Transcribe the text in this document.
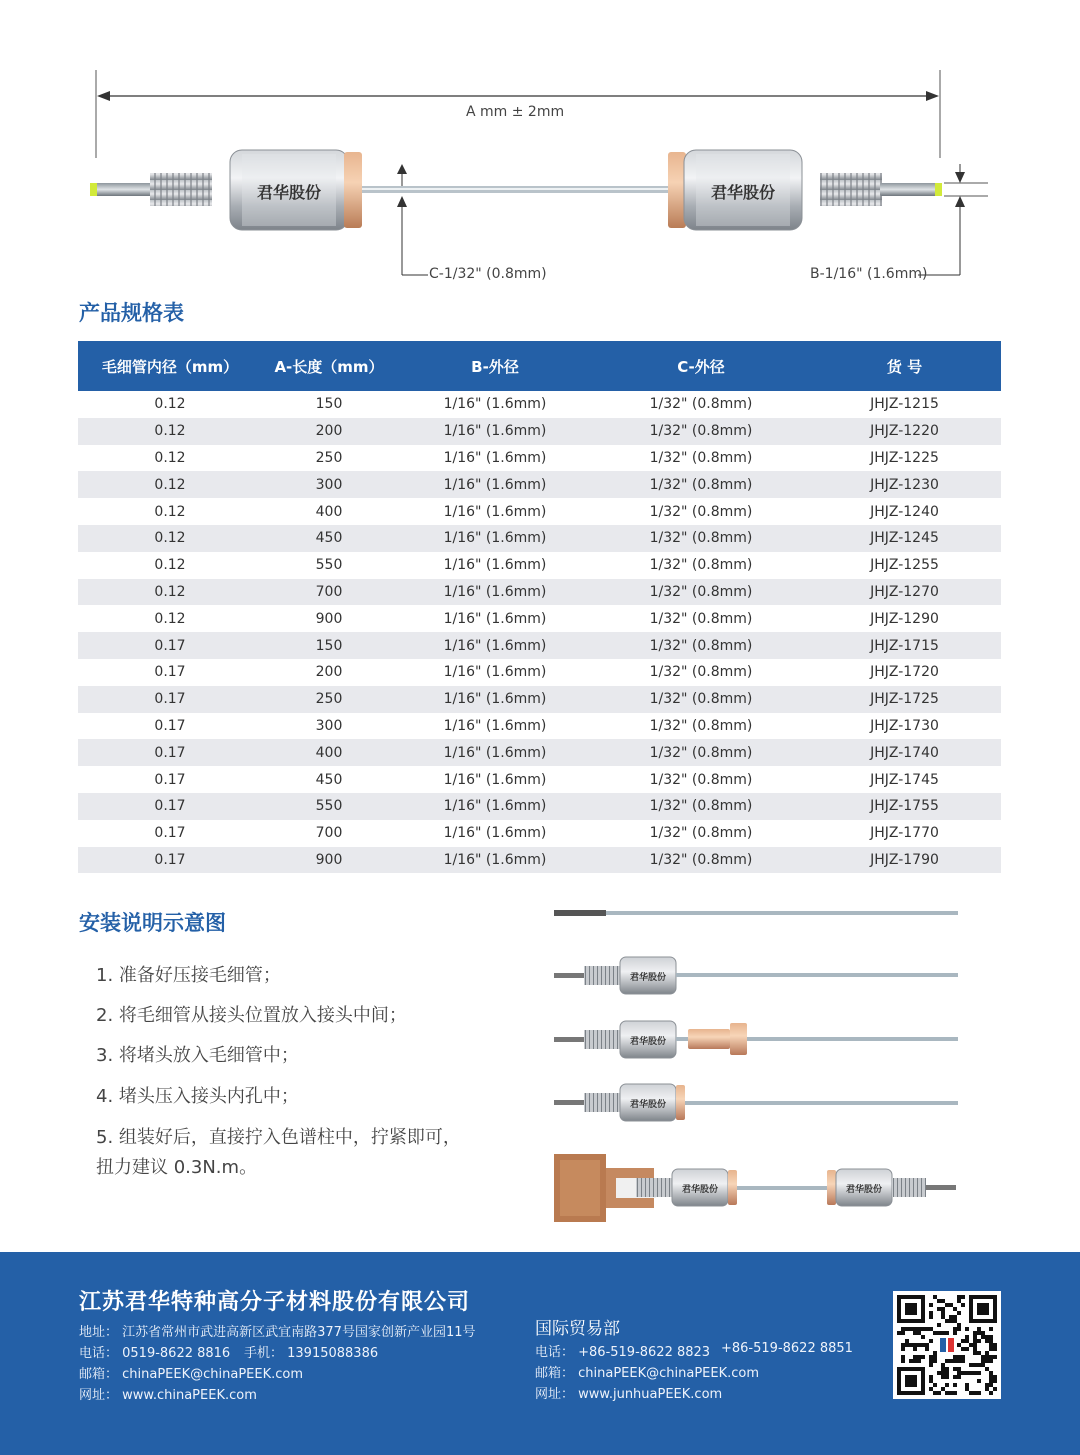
A mm ± 2mm
C-1/32" (0.8mm)	B-1/16" (1.6mm)
君华股份	君华股份
产品规格表
毛细管内径（mm）	A-长度（mm）	B-外径	C-外径	货 号
0.12	150	1/16" (1.6mm)	1/32" (0.8mm)	JHJZ-1215
0.12	200	1/16" (1.6mm)	1/32" (0.8mm)	JHJZ-1220
0.12	250	1/16" (1.6mm)	1/32" (0.8mm)	JHJZ-1225
0.12	300	1/16" (1.6mm)	1/32" (0.8mm)	JHJZ-1230
0.12	400	1/16" (1.6mm)	1/32" (0.8mm)	JHJZ-1240
0.12	450	1/16" (1.6mm)	1/32" (0.8mm)	JHJZ-1245
0.12	550	1/16" (1.6mm)	1/32" (0.8mm)	JHJZ-1255
0.12	700	1/16" (1.6mm)	1/32" (0.8mm)	JHJZ-1270
0.12	900	1/16" (1.6mm)	1/32" (0.8mm)	JHJZ-1290
0.17	150	1/16" (1.6mm)	1/32" (0.8mm)	JHJZ-1715
0.17	200	1/16" (1.6mm)	1/32" (0.8mm)	JHJZ-1720
0.17	250	1/16" (1.6mm)	1/32" (0.8mm)	JHJZ-1725
0.17	300	1/16" (1.6mm)	1/32" (0.8mm)	JHJZ-1730
0.17	400	1/16" (1.6mm)	1/32" (0.8mm)	JHJZ-1740
0.17	450	1/16" (1.6mm)	1/32" (0.8mm)	JHJZ-1745
0.17	550	1/16" (1.6mm)	1/32" (0.8mm)	JHJZ-1755
0.17	700	1/16" (1.6mm)	1/32" (0.8mm)	JHJZ-1770
0.17	900	1/16" (1.6mm)	1/32" (0.8mm)	JHJZ-1790
安装说明示意图
1. 准备好压接毛细管；
2. 将毛细管从接头位置放入接头中间；
3. 将堵头放入毛细管中；
4. 堵头压入接头内孔中；
5. 组装好后，直接拧入色谱柱中，拧紧即可，
扭力建议 0.3N.m。
君华股份
君华股份
君华股份
君华股份	君华股份
江苏君华特种高分子材料股份有限公司
地址： 江苏省常州市武进高新区武宜南路377号国家创新产业园11号
电话： 0519-8622 8816 手机： 13915088386
邮箱： chinaPEEK@chinaPEEK.com
网址： www.chinaPEEK.com
国际贸易部
电话： +86-519-8622 8823 +86-519-8622 8851
邮箱： chinaPEEK@chinaPEEK.com
网址： www.junhuaPEEK.com
